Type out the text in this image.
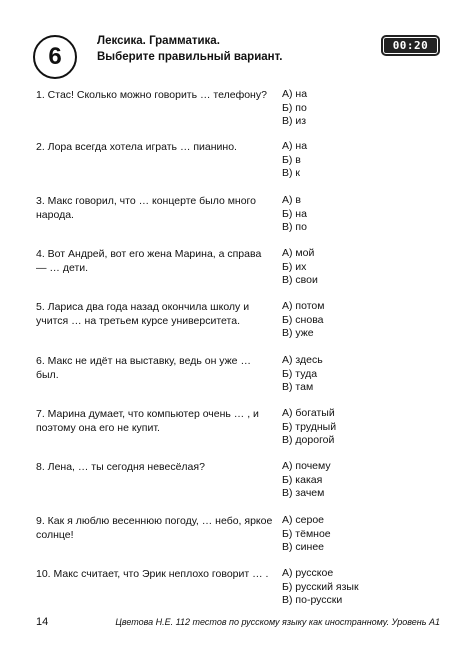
6
Лексика. Грамматика.
Выберите правильный вариант.
00:20
1. Стас! Сколько можно говорить … телефону?	А) на
Б) по
В) из
2. Лора всегда хотела играть … пианино.	А) на
Б) в
В) к
3. Макс говорил, что … концерте было много народа.
А) в
Б) на
В) по
4. Вот Андрей, вот его жена Марина, а справа — … дети.
А) мой
Б) их
В) свои
5. Лариса два года назад окончила школу и учится … на третьем курсе университета.
А) потом
Б) снова
В) уже
6. Макс не идёт на выставку, ведь он уже … был.
А) здесь
Б) туда
В) там
7. Марина думает, что компьютер очень … , и поэтому она его не купит.
А) богатый
Б) трудный
В) дорогой
8. Лена, … ты сегодня невесёлая?	А) почему
Б) какая
В) зачем
9. Как я люблю весеннюю погоду, … небо, яркое солнце!
А) серое
Б) тёмное
В) синее
10. Макс считает, что Эрик неплохо говорит … .	А) русское
Б) русский язык
В) по-русски
14	Цветова Н.Е. 112 тестов по русскому языку как иностранному. Уровень А1
